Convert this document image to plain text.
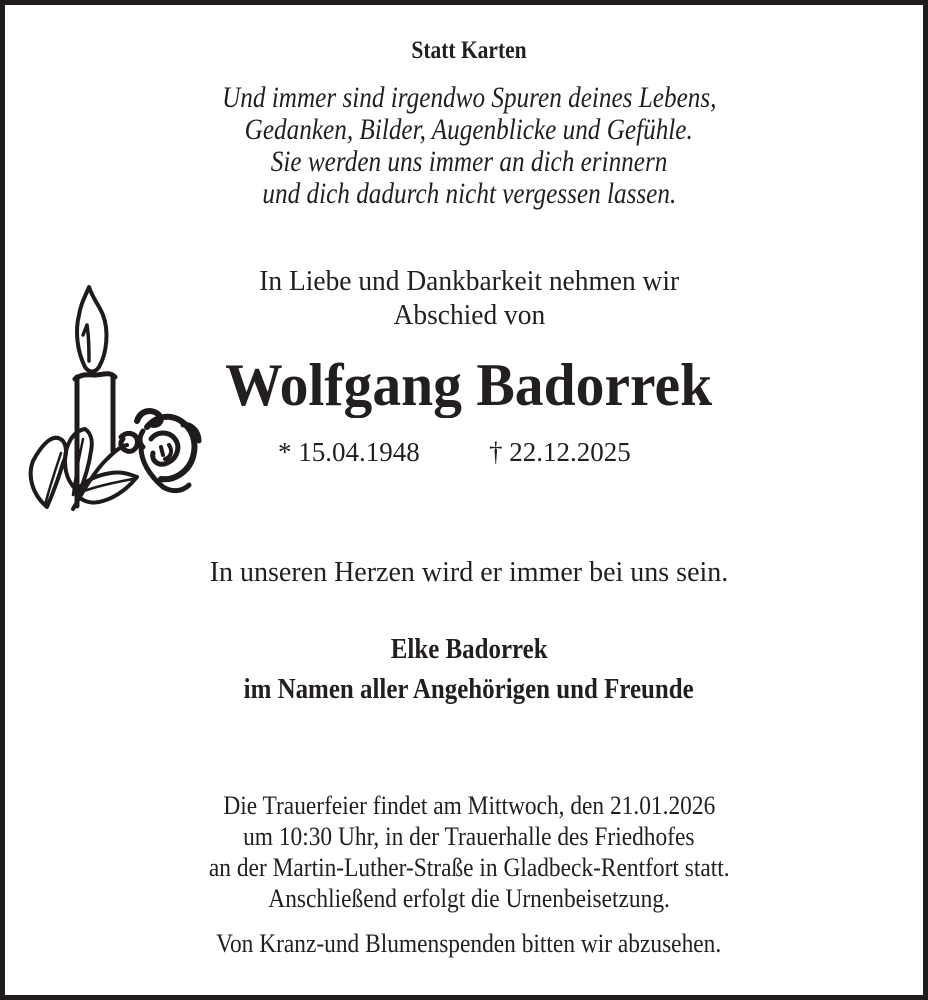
Statt Karten
Und immer sind irgendwo Spuren deines Lebens,
Gedanken, Bilder, Augenblicke und Gefühle.
Sie werden uns immer an dich erinnern
und dich dadurch nicht vergessen lassen.
In Liebe und Dankbarkeit nehmen wir
Abschied von
Wolfgang Badorrek
* 15.04.1948	† 22.12.2025
In unseren Herzen wird er immer bei uns sein.
Elke Badorrek
im Namen aller Angehörigen und Freunde
Die Trauerfeier findet am Mittwoch, den 21.01.2026
um 10:30 Uhr, in der Trauerhalle des Friedhofes
an der Martin-Luther-Straße in Gladbeck-Rentfort statt.
Anschließend erfolgt die Urnenbeisetzung.
Von Kranz-und Blumenspenden bitten wir abzusehen.
